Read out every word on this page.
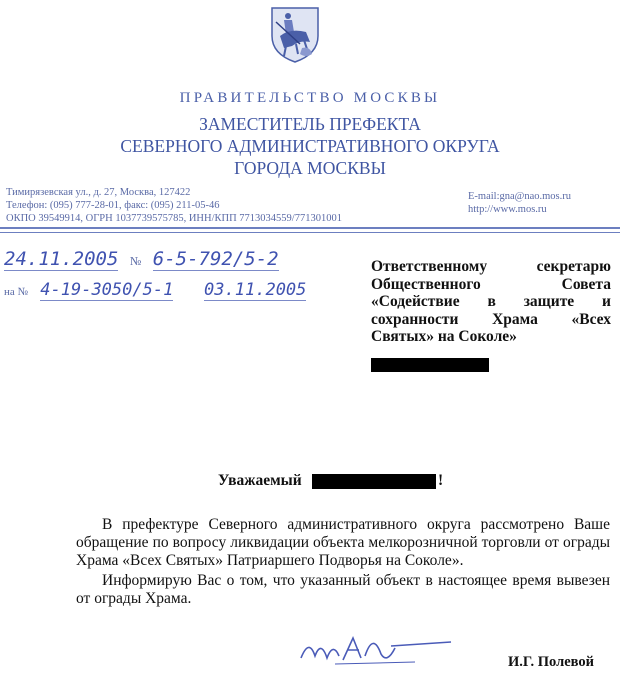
ПРАВИТЕЛЬСТВО МОСКВЫ
ЗАМЕСТИТЕЛЬ ПРЕФЕКТА
СЕВЕРНОГО АДМИНИСТРАТИВНОГО ОКРУГА
ГОРОДА МОСКВЫ
Тимирязевская ул., д. 27, Москва, 127422
Телефон: (095) 777-28-01, факс: (095) 211-05-46
ОКПО 39549914, ОГРН 1037739575785, ИНН/КПП 7713034559/771301001
E-mail:gna@nao.mos.ru
http://www.mos.ru
24.11.2005 № 6-5-792/5-2
на № 4-19-3050/5-1 03.11.2005
Ответственному секретарю Общественного Совета «Содействие в защите и сохранности Храма «Всех Святых» на Соколе»
Уважаемый	!

В префектуре Северного административного округа рассмотрено Ваше обращение по вопросу ликвидации объекта мелкорозничной торговли от ограды Храма «Всех Святых» Патриаршего Подворья на Соколе».

Информирую Вас о том, что указанный объект в настоящее время вывезен от ограды Храма.

И.Г. Полевой
